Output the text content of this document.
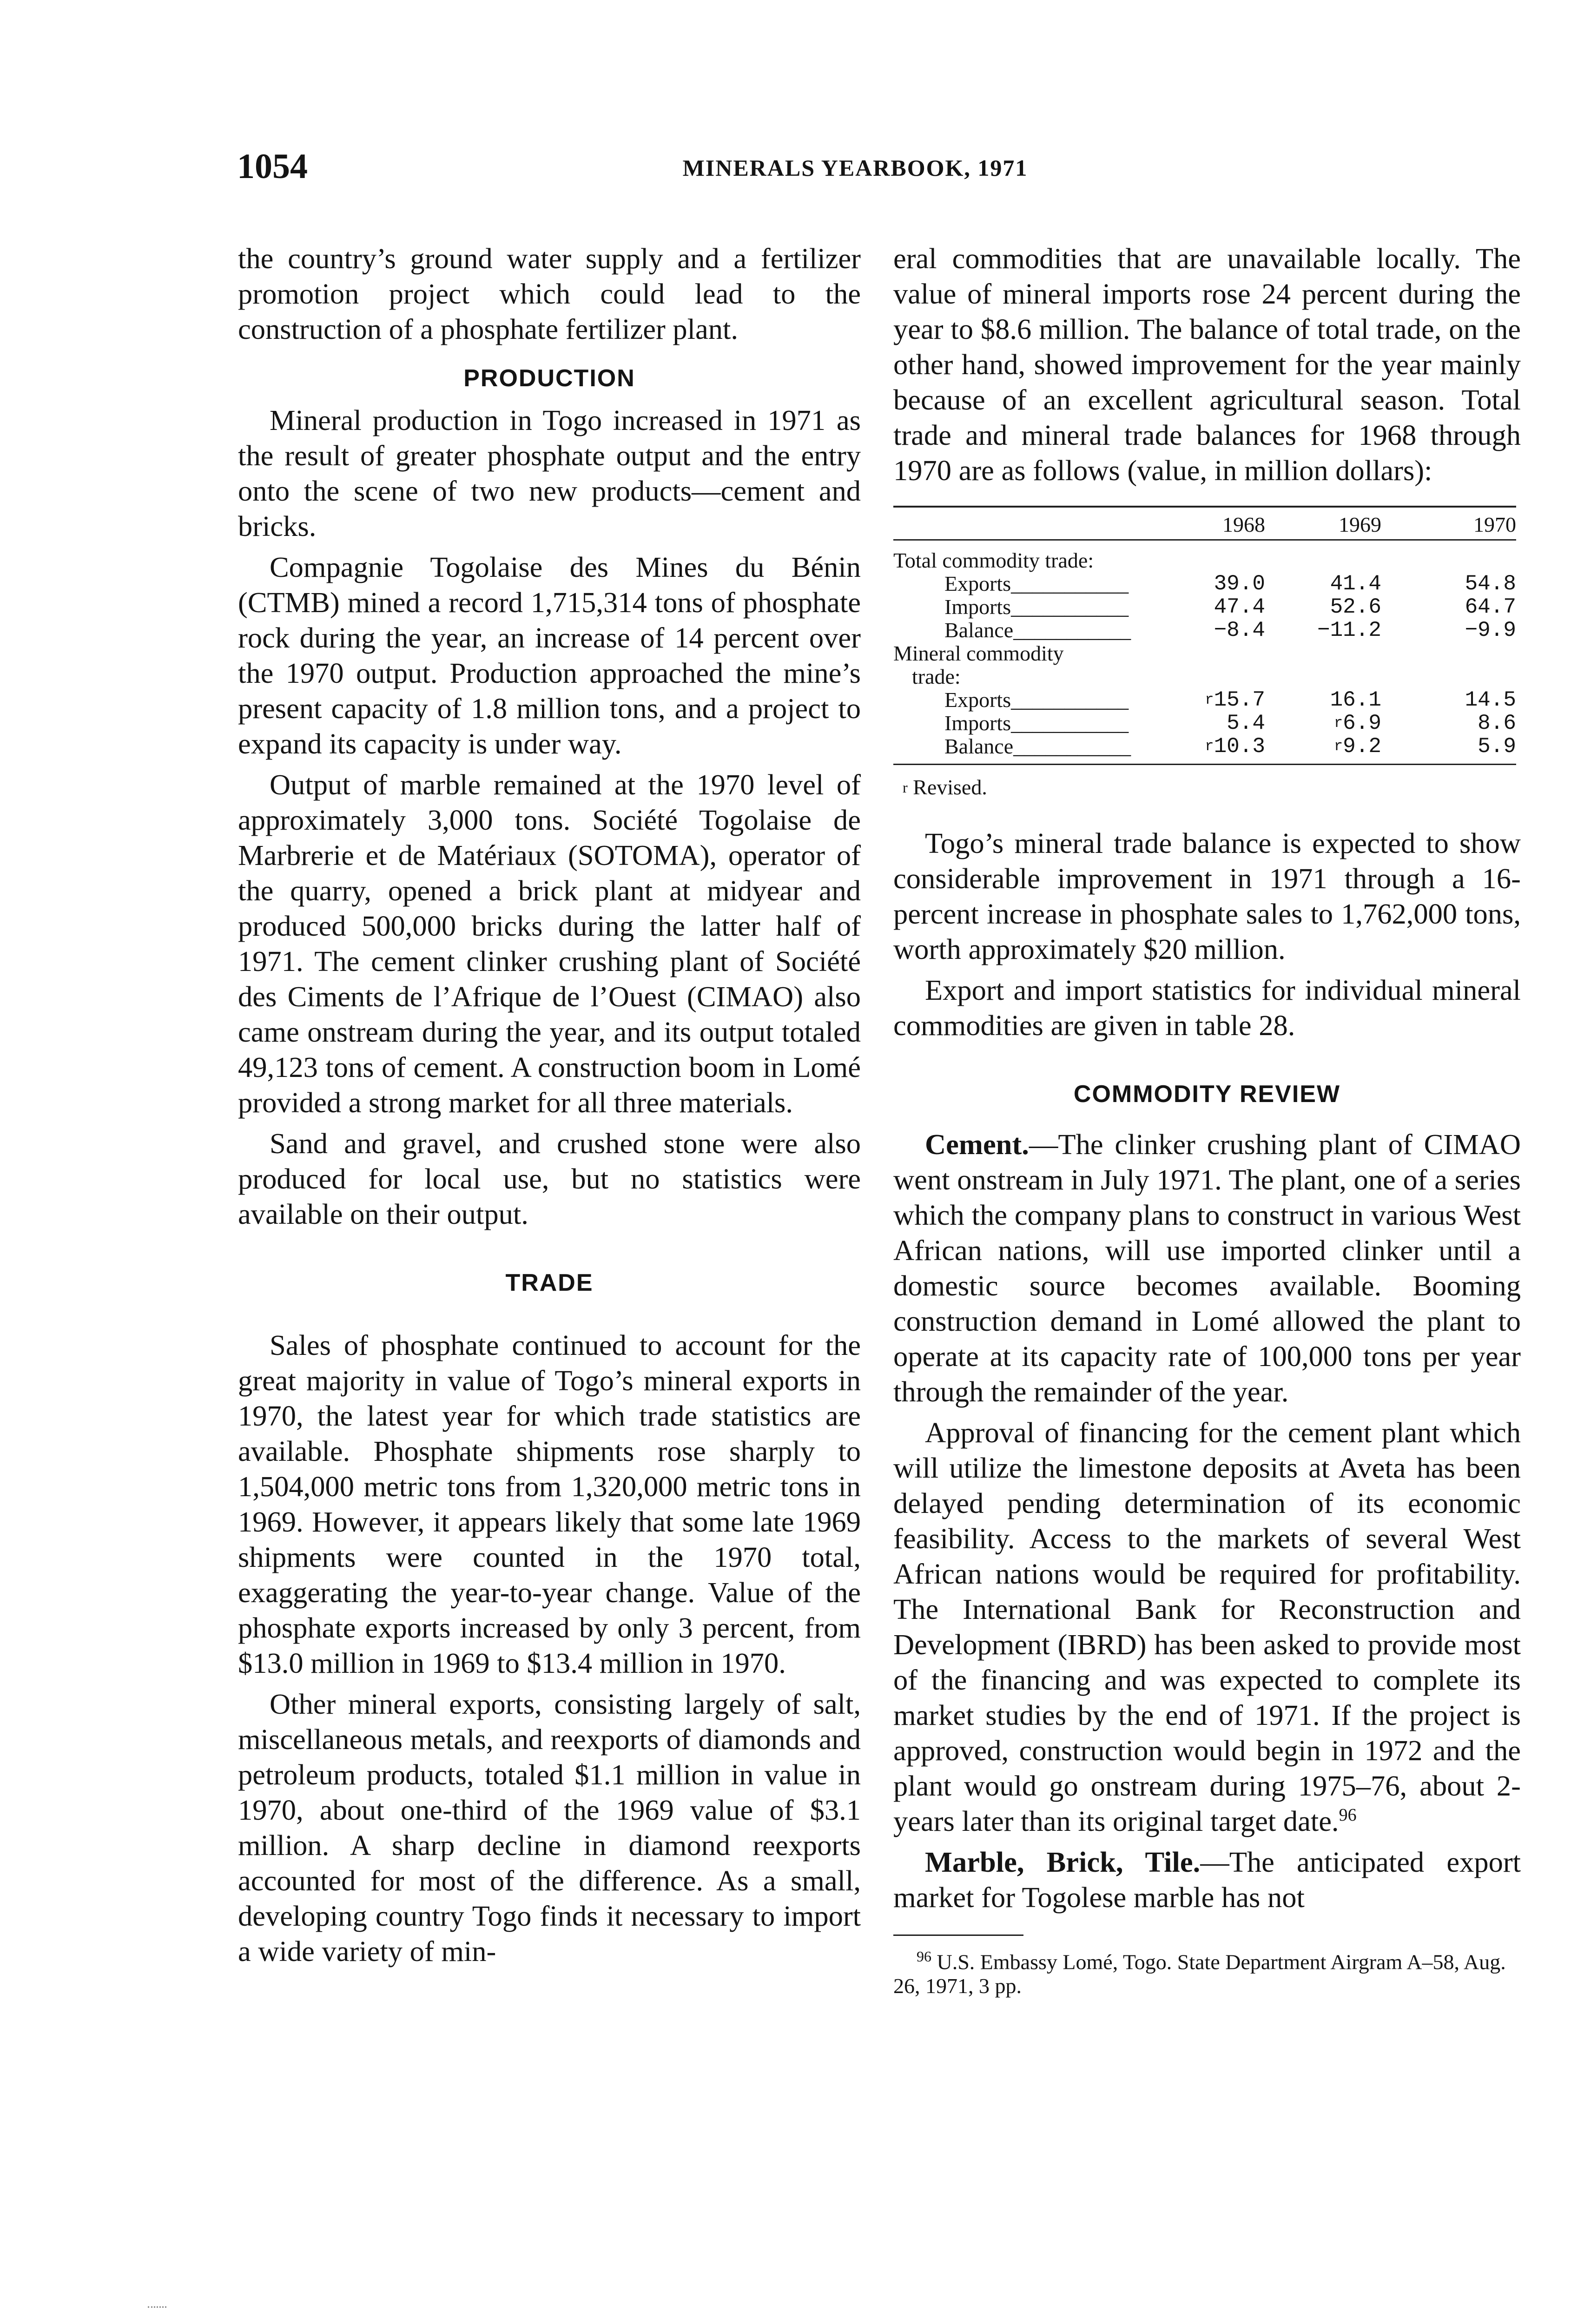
1054	MINERALS YEARBOOK, 1971

the country’s ground water supply and a fertilizer promotion project which could lead to the construction of a phosphate fertilizer plant.

PRODUCTION

Mineral production in Togo increased in 1971 as the result of greater phosphate output and the entry onto the scene of two new products—cement and bricks.

Compagnie Togolaise des Mines du Bénin (CTMB) mined a record 1,715,314 tons of phosphate rock during the year, an increase of 14 percent over the 1970 output. Production approached the mine’s present capacity of 1.8 million tons, and a project to expand its capacity is under way.

Output of marble remained at the 1970 level of approximately 3,000 tons. Société Togolaise de Marbrerie et de Matériaux (SOTOMA), operator of the quarry, opened a brick plant at midyear and produced 500,000 bricks during the latter half of 1971. The cement clinker crushing plant of Société des Ciments de l’Afrique de l’Ouest (CIMAO) also came onstream during the year, and its output totaled 49,123 tons of cement. A construction boom in Lomé provided a strong market for all three materials.

Sand and gravel, and crushed stone were also produced for local use, but no statistics were available on their output.

TRADE

Sales of phosphate continued to account for the great majority in value of Togo’s mineral exports in 1970, the latest year for which trade statistics are available. Phosphate shipments rose sharply to 1,504,000 metric tons from 1,320,000 metric tons in 1969. However, it appears likely that some late 1969 shipments were counted in the 1970 total, exaggerating the year-to-year change. Value of the phosphate exports increased by only 3 percent, from $13.0 million in 1969 to $13.4 million in 1970.

Other mineral exports, consisting largely of salt, miscellaneous metals, and reexports of diamonds and petroleum products, totaled $1.1 million in value in 1970, about one-third of the 1969 value of $3.1 million. A sharp decline in diamond reexports accounted for most of the difference. As a small, developing country Togo finds it necessary to import a wide variety of min-

eral commodities that are unavailable locally. The value of mineral imports rose 24 percent during the year to $8.6 million. The balance of total trade, on the other hand, showed improvement for the year mainly because of an excellent agricultural season. Total trade and mineral trade balances for 1968 through 1970 are as follows (value, in million dollars):

	1968	1969	1970
Total commodity trade:			
Exports___________	39.0	41.4	54.8
Imports___________	47.4	52.6	64.7
Balance___________	−8.4	−11.2	−9.9
Mineral commodity			
trade:			
Exports___________	$^r$15.7	16.1	14.5
Imports___________	5.4	$^r$6.9	8.6
Balance___________	$^r$10.3	$^r$9.2	5.9
$^r$ Revised.

Togo’s mineral trade balance is expected to show considerable improvement in 1971 through a 16-percent increase in phosphate sales to 1,762,000 tons, worth approximately $20 million.

Export and import statistics for individual mineral commodities are given in table 28.

COMMODITY REVIEW

Cement.—The clinker crushing plant of CIMAO went onstream in July 1971. The plant, one of a series which the company plans to construct in various West African nations, will use imported clinker until a domestic source becomes available. Booming construction demand in Lomé allowed the plant to operate at its capacity rate of 100,000 tons per year through the remainder of the year.

Approval of financing for the cement plant which will utilize the limestone deposits at Aveta has been delayed pending determination of its economic feasibility. Access to the markets of several West African nations would be required for profitability. The International Bank for Reconstruction and Development (IBRD) has been asked to provide most of the financing and was expected to complete its market studies by the end of 1971. If the project is approved, construction would begin in 1972 and the plant would go onstream during 1975–76, about 2-years later than its original target date.$^{96}$

Marble, Brick, Tile.—The anticipated export market for Togolese marble has not

$^{96}$ U.S. Embassy Lomé, Togo. State Department Airgram A–58, Aug. 26, 1971, 3 pp.
